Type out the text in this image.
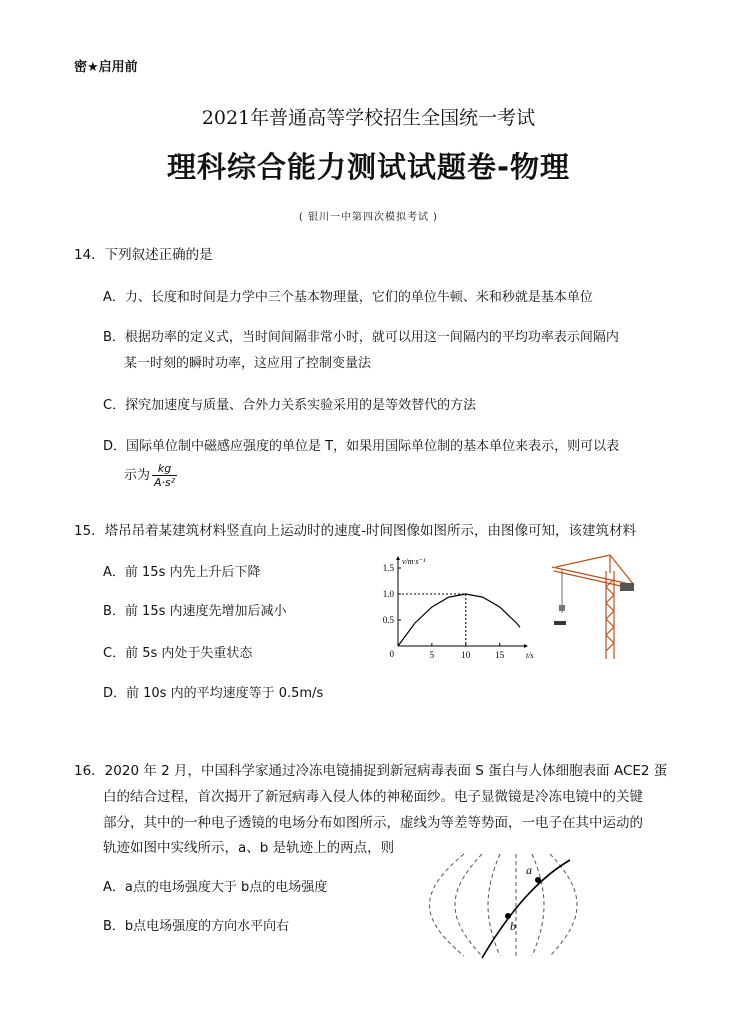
密★启用前
2021年普通高等学校招生全国统一考试
理科综合能力测试试题卷-物理
( 银川一中第四次模拟考试 )
14．下列叙述正确的是
A．力、长度和时间是力学中三个基本物理量，它们的单位牛顿、米和秒就是基本单位
B．根据功率的定义式，当时间间隔非常小时，就可以用这一间隔内的平均功率表示间隔内
某一时刻的瞬时功率，这应用了控制变量法
C．探究加速度与质量、合外力关系实验采用的是等效替代的方法
D．国际单位制中磁感应强度的单位是 T，如果用国际单位制的基本单位来表示，则可以表
示为 $\frac{kg}{\text{A·s²}}$
15．塔吊吊着某建筑材料竖直向上运动时的速度-时间图像如图所示，由图像可知，该建筑材料
A．前 15s 内先上升后下降
B．前 15s 内速度先增加后减小
C．前 5s 内处于失重状态
D．前 10s 内的平均速度等于 0.5m/s
5	10	15
0.5
1.0
1.5
0	t/s
v/m·s⁻¹
16．2020 年 2 月，中国科学家通过冷冻电镜捕捉到新冠病毒表面 S 蛋白与人体细胞表面 ACE2 蛋
白的结合过程，首次揭开了新冠病毒入侵人体的神秘面纱。电子显微镜是冷冻电镜中的关键
部分，其中的一种电子透镜的电场分布如图所示，虚线为等差等势面，一电子在其中运动的
轨迹如图中实线所示，a、b 是轨迹上的两点，则
A．a点的电场强度大于 b点的电场强度
B．b点电场强度的方向水平向右
a
b
